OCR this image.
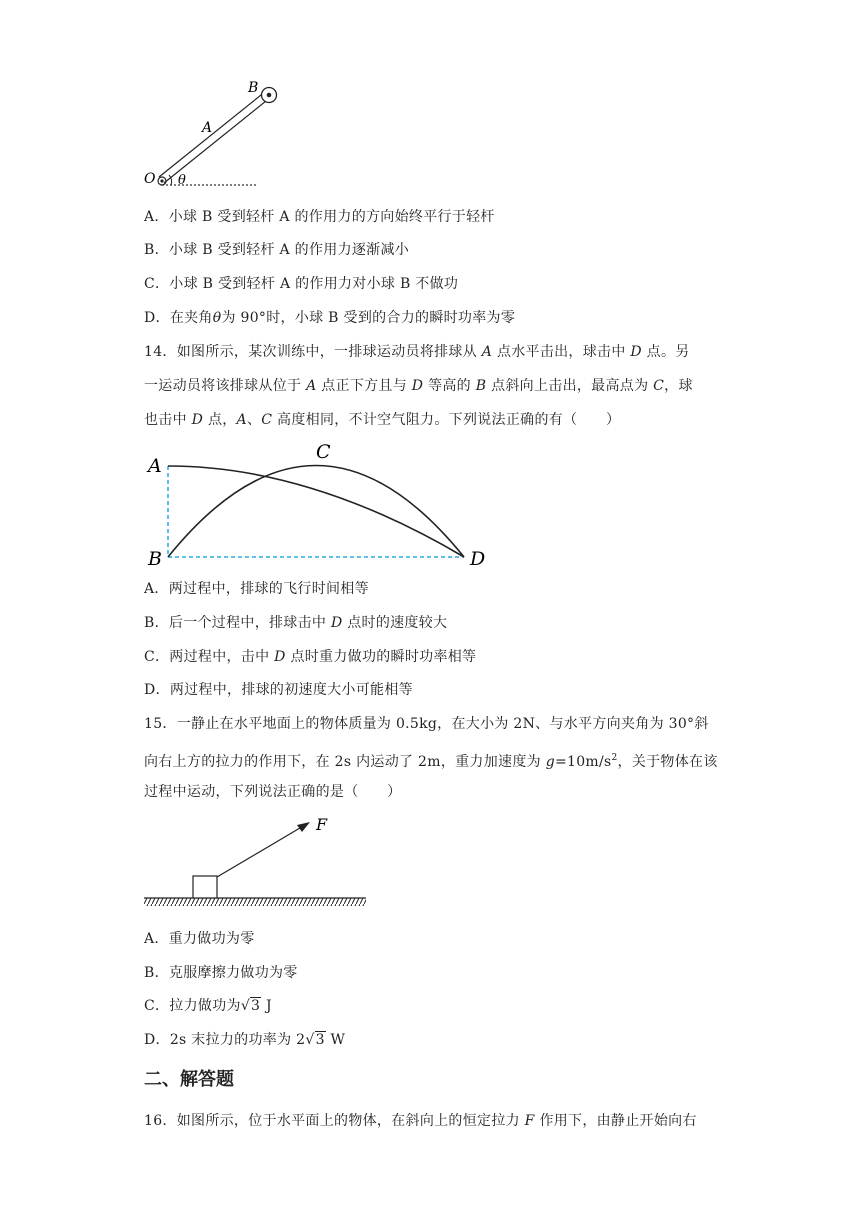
B
A
O θ
A．小球 B 受到轻杆 A 的作用力的方向始终平行于轻杆
B．小球 B 受到轻杆 A 的作用力逐渐减小
C．小球 B 受到轻杆 A 的作用力对小球 B 不做功
D．在夹角θ为 90°时，小球 B 受到的合力的瞬时功率为零
14．如图所示，某次训练中，一排球运动员将排球从 A 点水平击出，球击中 D 点。另
一运动员将该排球从位于 A 点正下方且与 D 等高的 B 点斜向上击出，最高点为 C，球
也击中 D 点，A、C 高度相同，不计空气阻力。下列说法正确的有（　　）
A
B
C
D
A．两过程中，排球的飞行时间相等
B．后一个过程中，排球击中 D 点时的速度较大
C．两过程中，击中 D 点时重力做功的瞬时功率相等
D．两过程中，排球的初速度大小可能相等
15．一静止在水平地面上的物体质量为 0.5kg，在大小为 2N、与水平方向夹角为 30°斜
向右上方的拉力的作用下，在 2s 内运动了 2m，重力加速度为 $g=10m/s^2$，关于物体在该
过程中运动，下列说法正确的是（　　）
F
A．重力做功为零
B．克服摩擦力做功为零
C．拉力做功为√3 J
D．2s 末拉力的功率为 2√3 W
二、解答题
16．如图所示，位于水平面上的物体，在斜向上的恒定拉力 F 作用下，由静止开始向右
